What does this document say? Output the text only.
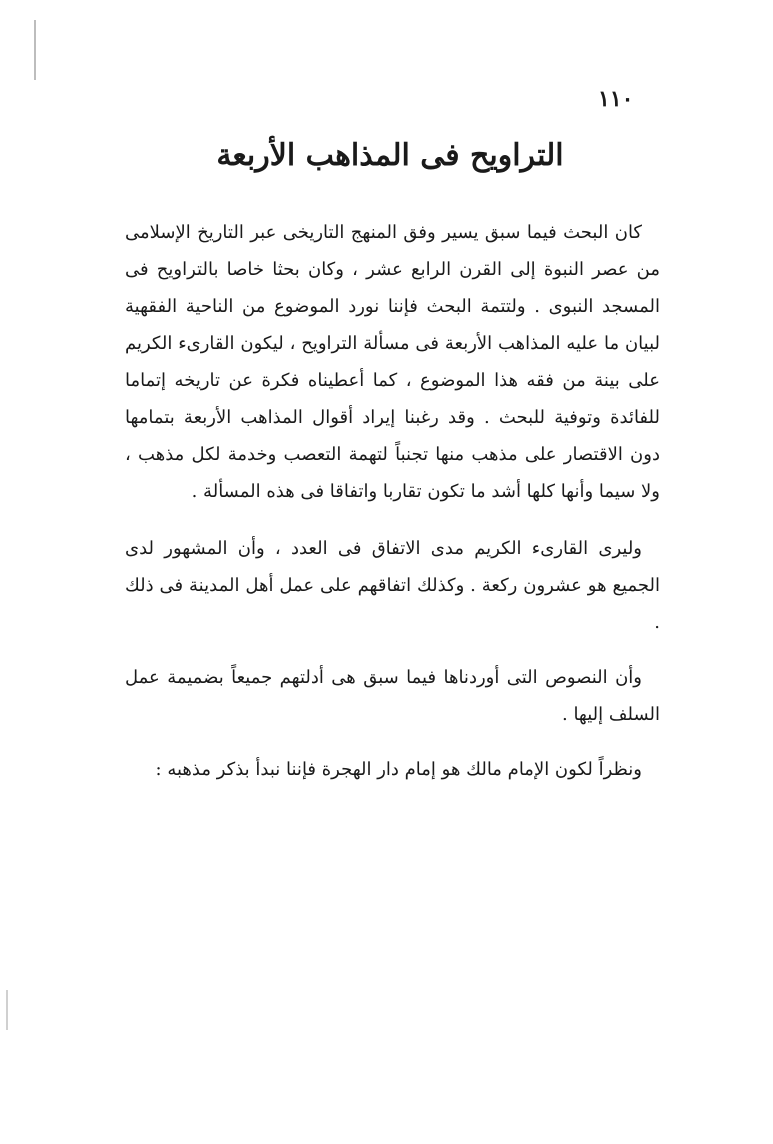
١١٠
التراويح فى المذاهب الأربعة

كان البحث فيما سبق يسير وفق المنهج التاريخى عبر التاريخ الإسلامى من عصر النبوة إلى القرن الرابع عشر ، وكان بحثا خاصا بالتراويح فى المسجد النبوى . ولتتمة البحث فإننا نورد الموضوع من الناحية الفقهية لبيان ما عليه المذاهب الأربعة فى مسألة التراويح ، ليكون القارىء الكريم على بينة من فقه هذا الموضوع ، كما أعطيناه فكرة عن تاريخه إتماما للفائدة وتوفية للبحث . وقد رغبنا إيراد أقوال المذاهب الأربعة بتمامها دون الاقتصار على مذهب منها تجنباً لتهمة التعصب وخدمة لكل مذهب ، ولا سيما وأنها كلها أشد ما تكون تقاربا واتفاقا فى هذه المسألة .

وليرى القارىء الكريم مدى الاتفاق فى العدد ، وأن المشهور لدى الجميع هو عشرون ركعة . وكذلك اتفاقهم على عمل أهل المدينة فى ذلك .

وأن النصوص التى أوردناها فيما سبق هى أدلتهم جميعاً بضميمة عمل السلف إليها .

ونظراً لكون الإمام مالك هو إمام دار الهجرة فإننا نبدأ بذكر مذهبه :
